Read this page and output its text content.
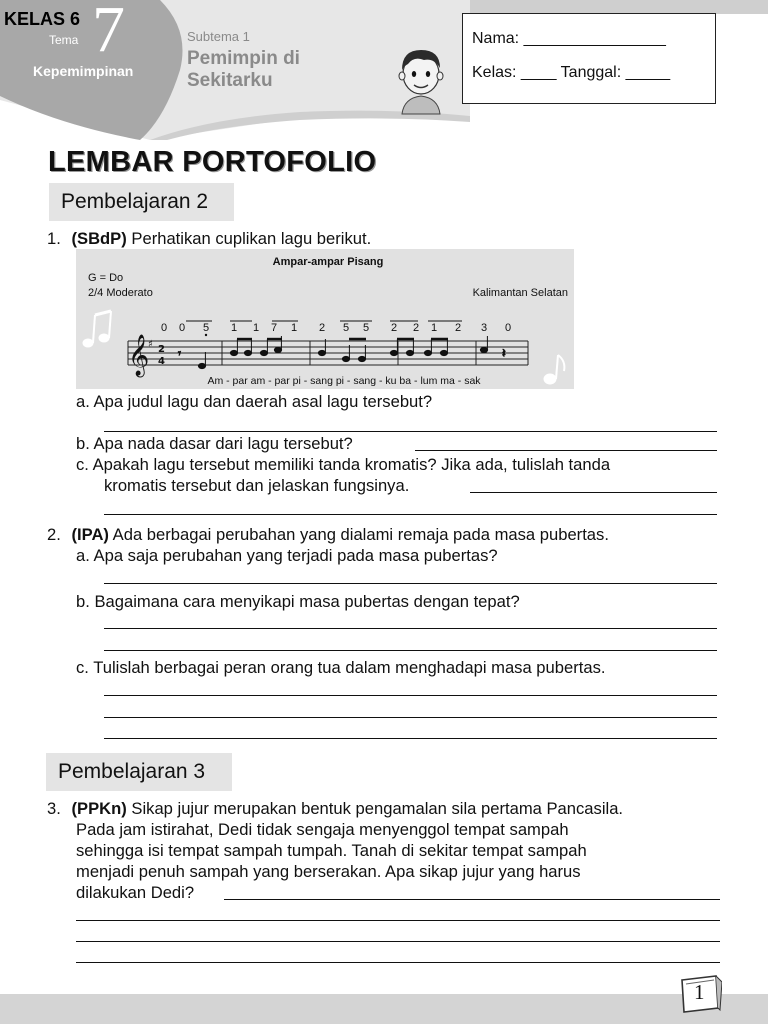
KELAS 6
Tema 7
Kepemimpinan
Subtema 1
Pemimpin di Sekitarku
Nama: ________________
Kelas: ____ Tanggal: _____
LEMBAR PORTOFOLIO
Pembelajaran 2
1. (SBdP) Perhatikan cuplikan lagu berikut.
Ampar-ampar Pisang
G = Do
2/4 Moderato	Kalimantan Selatan
0 0 5 1 1 7 1 2 5 5 2 2 1 2 3 0
𝄞
♯ 2
4
𝄾	𝄽
Am - par am - par pi - sang pi - sang - ku ba - lum ma - sak
a. Apa judul lagu dan daerah asal lagu tersebut?
b. Apa nada dasar dari lagu tersebut?
c. Apakah lagu tersebut memiliki tanda kromatis? Jika ada, tulislah tanda
kromatis tersebut dan jelaskan fungsinya.
2. (IPA) Ada berbagai perubahan yang dialami remaja pada masa pubertas.
a. Apa saja perubahan yang terjadi pada masa pubertas?
b. Bagaimana cara menyikapi masa pubertas dengan tepat?
c. Tulislah berbagai peran orang tua dalam menghadapi masa pubertas.
Pembelajaran 3
3. (PPKn) Sikap jujur merupakan bentuk pengamalan sila pertama Pancasila.
Pada jam istirahat, Dedi tidak sengaja menyenggol tempat sampah
sehingga isi tempat sampah tumpah. Tanah di sekitar tempat sampah
menjadi penuh sampah yang berserakan. Apa sikap jujur yang harus
dilakukan Dedi?
1
